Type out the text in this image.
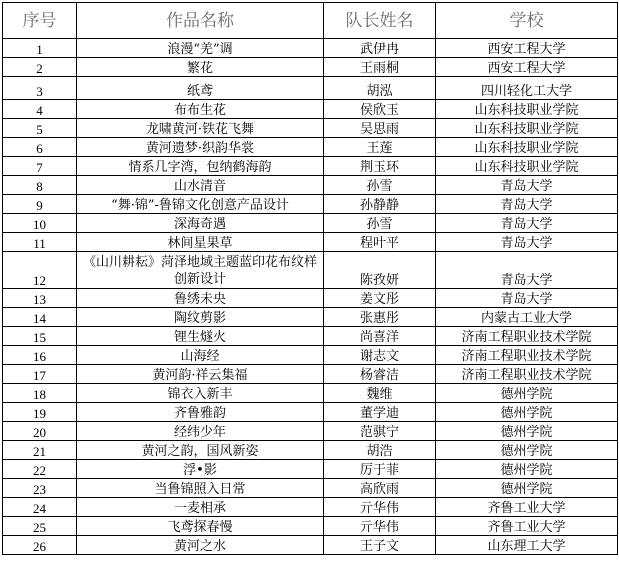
序号	作品名称	队长姓名	学校
1	浪漫“羌”调	武伊冉	西安工程大学
2	繁花	王雨桐	西安工程大学
3	纸鸢	胡泓	四川轻化工大学
4	布布生花	侯欣玉	山东科技职业学院
5	龙啸黄河·铁花飞舞	吴思雨	山东科技职业学院
6	黄河遗梦·织韵华裳	王莲	山东科技职业学院
7	情系几字湾，包纳鹤海韵	荆玉环	山东科技职业学院
8	山水清音	孙雪	青岛大学
9	“舞·锦”-鲁锦文化创意产品设计	孙静静	青岛大学
10	深海奇遇	孙雪	青岛大学
11	林间星果草	程叶平	青岛大学
12	《山川耕耘》菏泽地域主题蓝印花布纹样创新设计	陈孜妍	青岛大学
13	鲁绣未央	姜文彤	青岛大学
14	陶纹剪影	张惠彤	内蒙古工业大学
15	锂生燧火	尚喜洋	济南工程职业技术学院
16	山海经	谢志文	济南工程职业技术学院
17	黄河韵·祥云集福	杨睿洁	济南工程职业技术学院
18	锦衣入新丰	魏维	德州学院
19	齐鲁雅韵	董学迪	德州学院
20	经纬少年	范骐宁	德州学院
21	黄河之韵，国风新姿	胡浩	德州学院
22	浮•影	厉于菲	德州学院
23	当鲁锦照入日常	高欣雨	德州学院
24	一麦相承	亓华伟	齐鲁工业大学
25	飞鸢探春慢	亓华伟	齐鲁工业大学
26	黄河之水	王子文	山东理工大学
